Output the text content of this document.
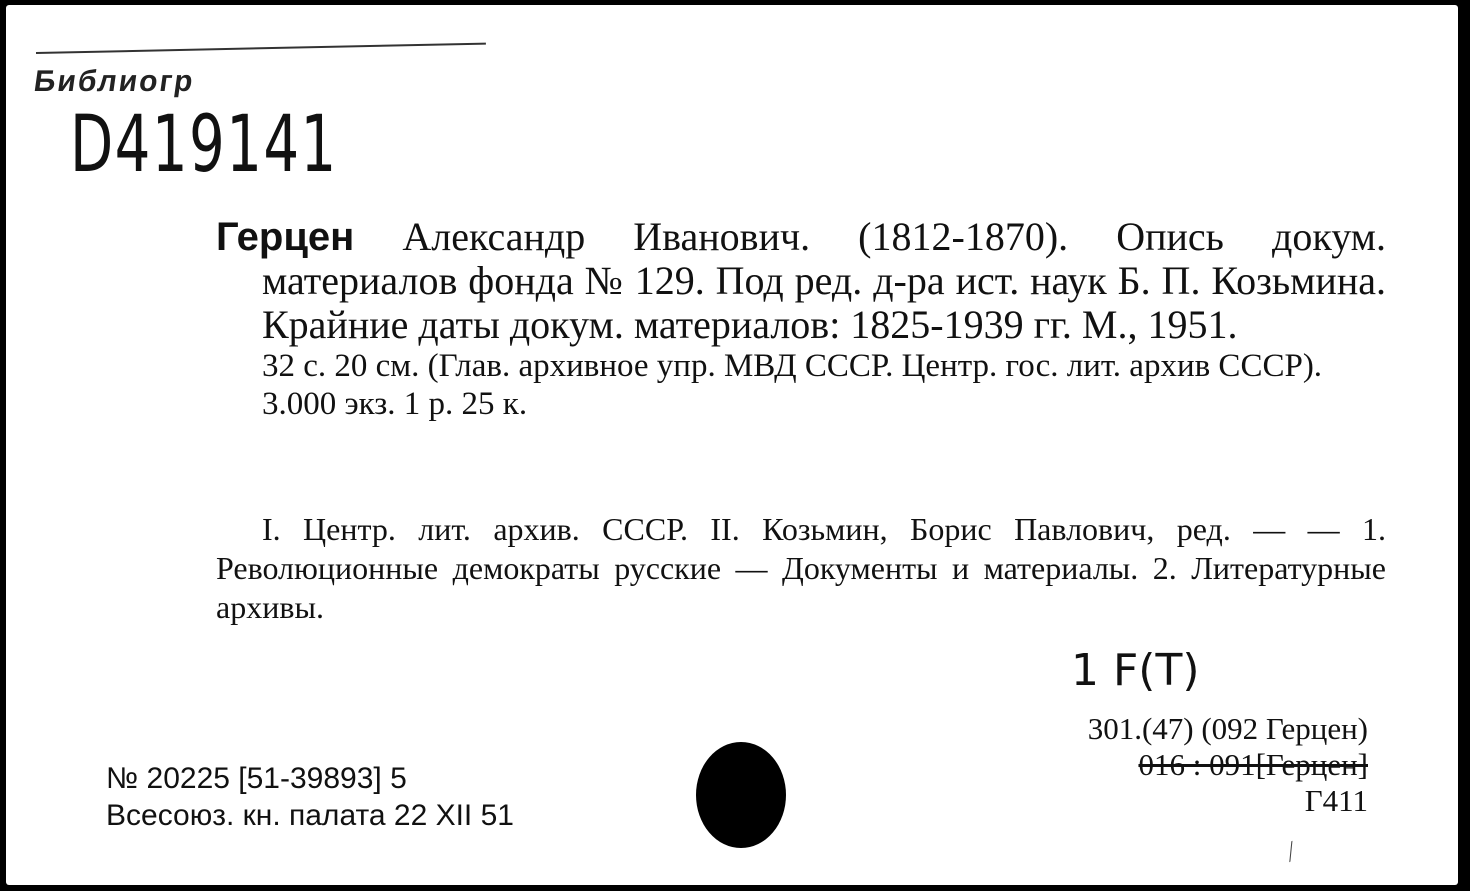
Библиогр
D419141

Герцен Александр Иванович. (1812-1870). Опись докум. материалов фонда № 129. Под ред. д-ра ист. наук Б. П. Козьмина. Крайние даты докум. материалов: 1825-1939 гг. М., 1951.

32 с. 20 см. (Глав. архивное упр. МВД СССР. Центр. гос. лит. архив СССР). 3.000 экз. 1 р. 25 к.

I. Центр. лит. архив. СССР. II. Козьмин, Борис Павлович, ред. — — 1. Революционные демократы русские — Документы и материалы. 2. Литературные архивы.

1 F(Т)
301.(47) (092 Герцен)
016 : 091[Герцен]
Г411
№ 20225 [51-39893] 5
Всесоюз. кн. палата 22 XII 51
∕
